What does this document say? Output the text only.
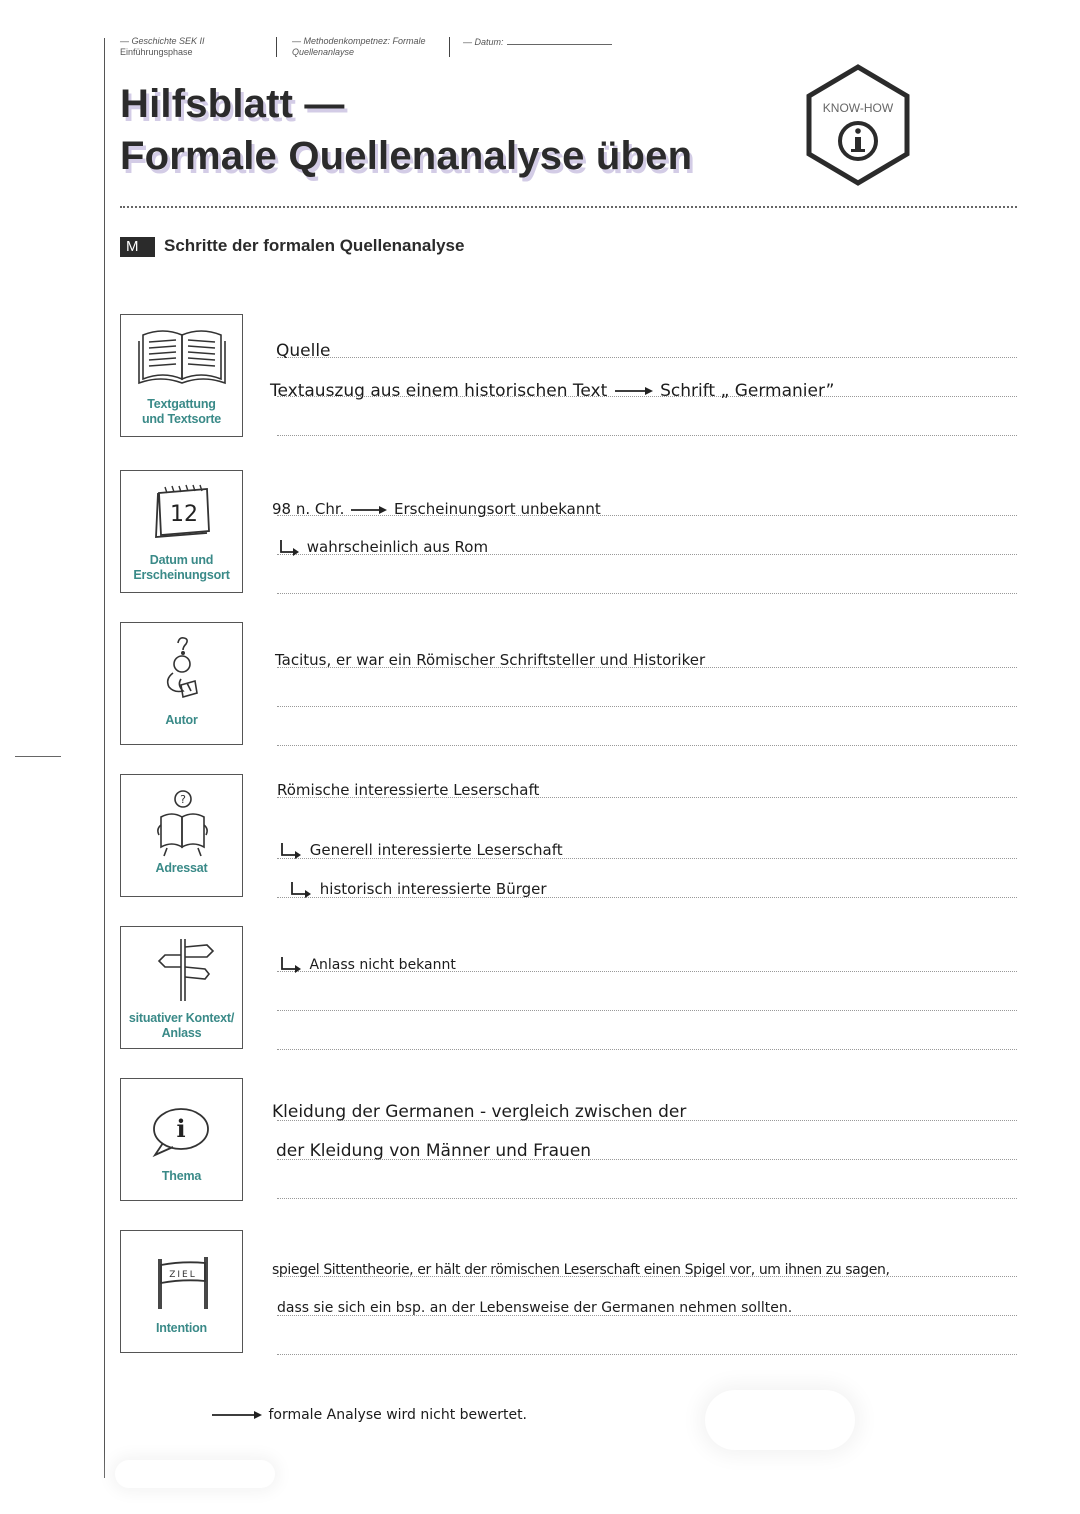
— Geschichte SEK II
Einführungsphase
— Methodenkompetnez: Formale
Quellenanlayse
— Datum:
Hilfsblatt —
Formale Quellenanalyse üben
KNOW-HOW
M	Schritte der formalen Quellenanalyse
Textgattung
und Textsorte
Quelle
Textauszug aus einem historischen Text	Schrift „ Germanier”
12
Datum und
Erscheinungsort
98 n. Chr.	Erscheinungsort unbekannt
wahrscheinlich aus Rom
Autor
Tacitus, er war ein Römischer Schriftsteller und Historiker
?
Adressat
Römische interessierte Leserschaft
Generell interessierte Leserschaft
historisch interessierte Bürger
situativer Kontext/
Anlass
Anlass nicht bekannt
i
Thema
Kleidung der Germanen - vergleich zwischen der
der Kleidung von Männer und Frauen
ZIEL
Intention
spiegel Sittentheorie, er hält der römischen Leserschaft einen Spigel vor, um ihnen zu sagen,
dass sie sich ein bsp. an der Lebensweise der Germanen nehmen sollten.
formale Analyse wird nicht bewertet.
